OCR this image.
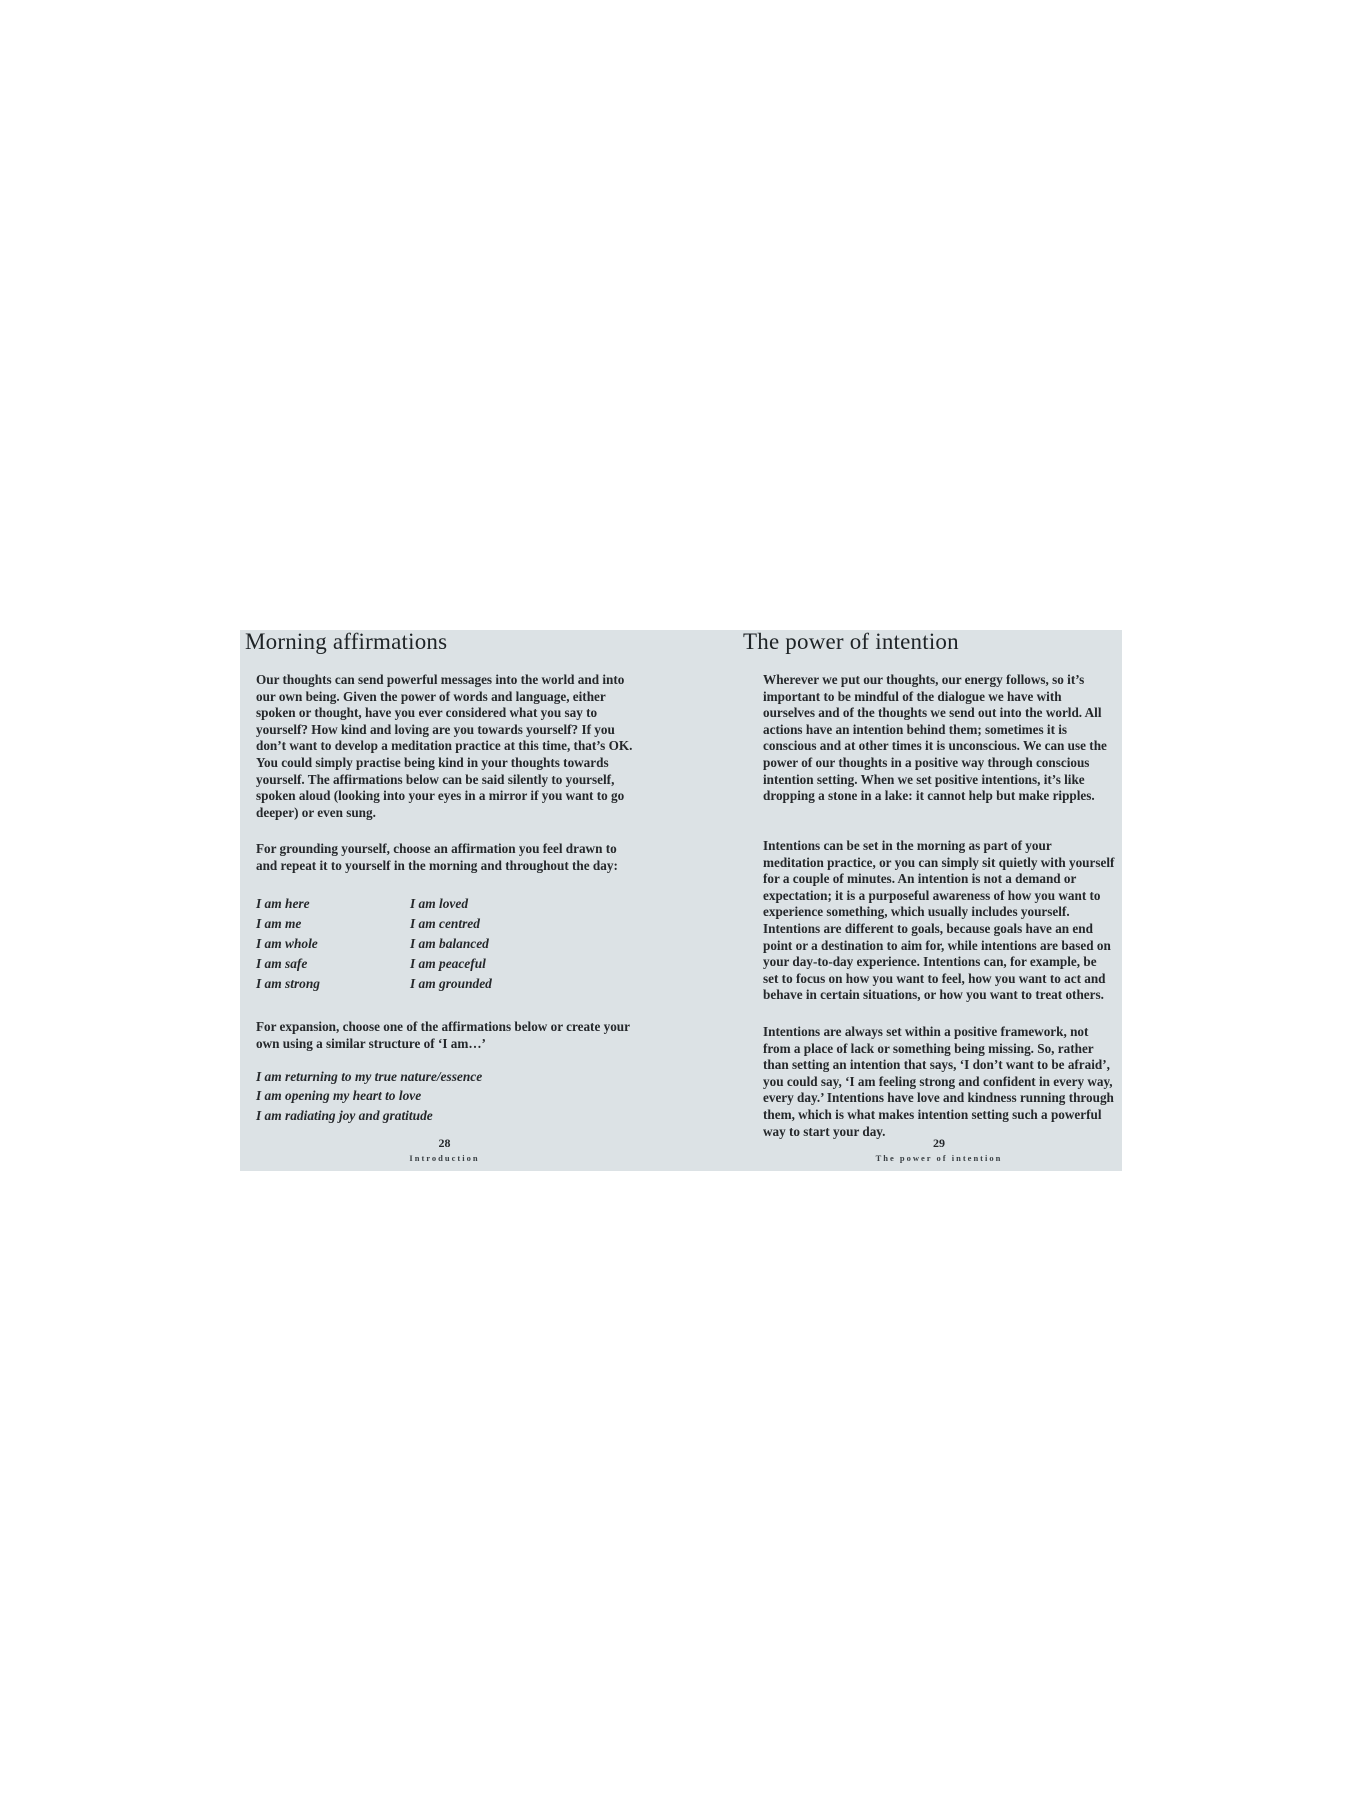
Morning affirmations
Our thoughts can send powerful messages into the world and into our own being. Given the power of words and language, either spoken or thought, have you ever considered what you say to yourself? How kind and loving are you towards yourself? If you don’t want to develop a meditation practice at this time, that’s OK. You could simply practise being kind in your thoughts towards yourself. The affirmations below can be said silently to yourself, spoken aloud (looking into your eyes in a mirror if you want to go deeper) or even sung.
For grounding yourself, choose an affirmation you feel drawn to and repeat it to yourself in the morning and throughout the day:
I am here	I am loved
I am me	I am centred
I am whole	I am balanced
I am safe	I am peaceful
I am strong	I am grounded
For expansion, choose one of the affirmations below or create your own using a similar structure of ‘I am…’
I am returning to my true nature/essence
I am opening my heart to love
I am radiating joy and gratitude
28
Introduction
The power of intention
Wherever we put our thoughts, our energy follows, so it’s important to be mindful of the dialogue we have with ourselves and of the thoughts we send out into the world. All actions have an intention behind them; sometimes it is conscious and at other times it is unconscious. We can use the power of our thoughts in a positive way through conscious intention setting. When we set positive intentions, it’s like dropping a stone in a lake: it cannot help but make ripples.
Intentions can be set in the morning as part of your meditation practice, or you can simply sit quietly with yourself for a couple of minutes. An intention is not a demand or expectation; it is a purposeful awareness of how you want to experience something, which usually includes yourself. Intentions are different to goals, because goals have an end point or a destination to aim for, while intentions are based on your day-to-day experience. Intentions can, for example, be set to focus on how you want to feel, how you want to act and behave in certain situations, or how you want to treat others.
Intentions are always set within a positive framework, not from a place of lack or something being missing. So, rather than setting an intention that says, ‘I don’t want to be afraid’, you could say, ‘I am feeling strong and confident in every way, every day.’ Intentions have love and kindness running through them, which is what makes intention setting such a powerful way to start your day.
29
The power of intention
